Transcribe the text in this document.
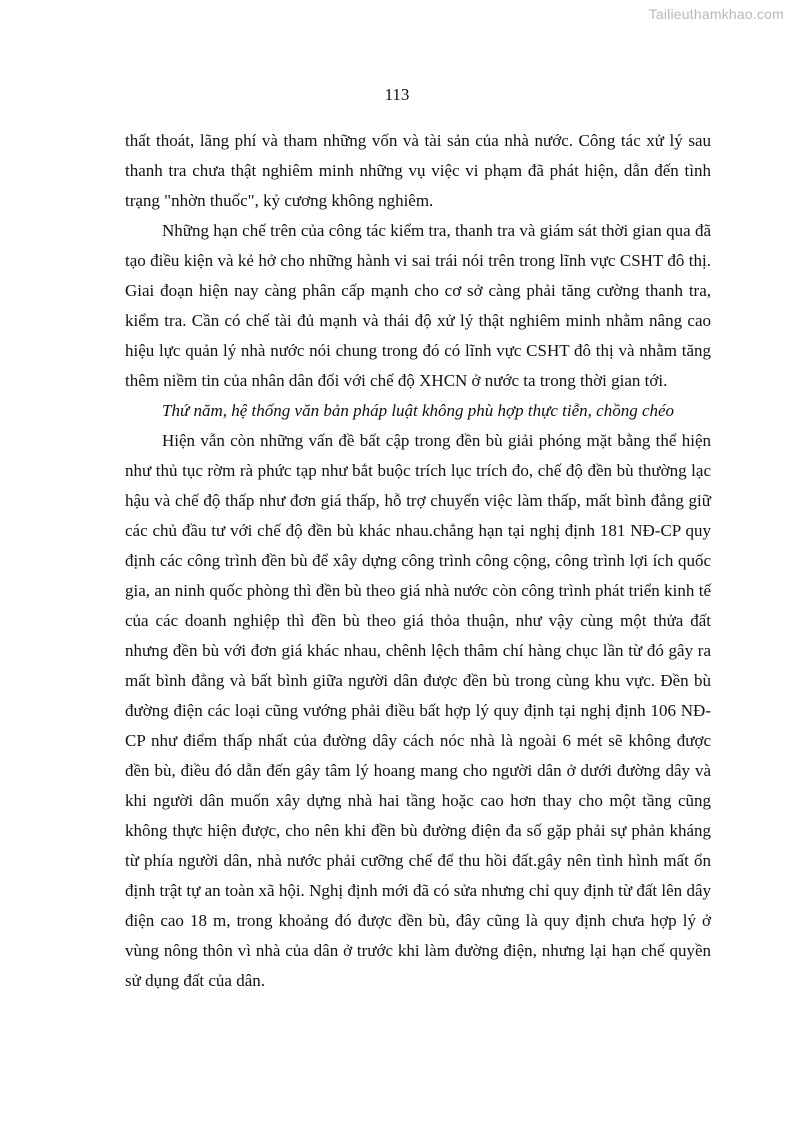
Tailieuthamkhao.com
113

thất thoát, lãng phí và tham những vốn và tài sản của nhà nước. Công tác xử lý sau thanh tra chưa thật nghiêm minh những vụ việc vi phạm đã phát hiện, dẫn đến tình trạng "nhờn thuốc", kỷ cương không nghiêm.

Những hạn chế trên của công tác kiểm tra, thanh tra và giám sát thời gian qua đã tạo điều kiện và kẻ hở cho những hành vi sai trái nói trên trong lĩnh vực CSHT đô thị. Giai đoạn hiện nay càng phân cấp mạnh cho cơ sở càng phải tăng cường thanh tra, kiểm tra. Cần có chế tài đủ mạnh và thái độ xử lý thật nghiêm minh nhằm nâng cao hiệu lực quản lý nhà nước nói chung trong đó có lĩnh vực CSHT đô thị và nhằm tăng thêm niềm tin của nhân dân đối với chế độ XHCN ở nước ta trong thời gian tới.

Thứ năm, hệ thống văn bản pháp luật không phù hợp thực tiễn, chồng chéo

Hiện vẫn còn những vấn đề bất cập trong đền bù giải phóng mặt bằng thể hiện như thủ tục rờm rà phức tạp như bắt buộc trích lục trích đo, chế độ đền bù thường lạc hậu và chế độ thấp như đơn giá thấp, hỗ trợ chuyển việc làm thấp, mất bình đẳng giữ các chủ đầu tư với chế độ đền bù khác nhau.chẳng hạn tại nghị định 181 NĐ-CP quy định các công trình đền bù để xây dựng công trình công cộng, công trình lợi ích quốc gia, an ninh quốc phòng thì đền bù theo giá nhà nước còn công trình phát triển kinh tế của các doanh nghiệp thì đền bù theo giá thỏa thuận, như vậy cùng một thửa đất nhưng đền bù với đơn giá khác nhau, chênh lệch thâm chí hàng chục lần từ đó gây ra mất bình đẳng và bất bình giữa người dân được đền bù trong cùng khu vực. Đền bù đường điện các loại cũng vướng phải điều bất hợp lý quy định tại nghị định 106 NĐ-CP như điểm thấp nhất của đường dây cách nóc nhà là ngoài 6 mét sẽ không được đền bù, điều đó dẫn đến gây tâm lý hoang mang cho người dân ở dưới đường dây và khi người dân muốn xây dựng nhà hai tầng hoặc cao hơn thay cho một tầng cũng không thực hiện được, cho nên khi đền bù đường điện đa số gặp phải sự phản kháng từ phía người dân, nhà nước phải cưỡng chế để thu hồi đất.gây nên tình hình mất ổn định trật tự an toàn xã hội. Nghị định mới đã có sửa nhưng chỉ quy định từ đất lên dây điện cao 18 m, trong khoảng đó được đền bù, đây cũng là quy định chưa hợp lý ở vùng nông thôn vì nhà của dân ở trước khi làm đường điện, nhưng lại hạn chế quyền sử dụng đất của dân.
